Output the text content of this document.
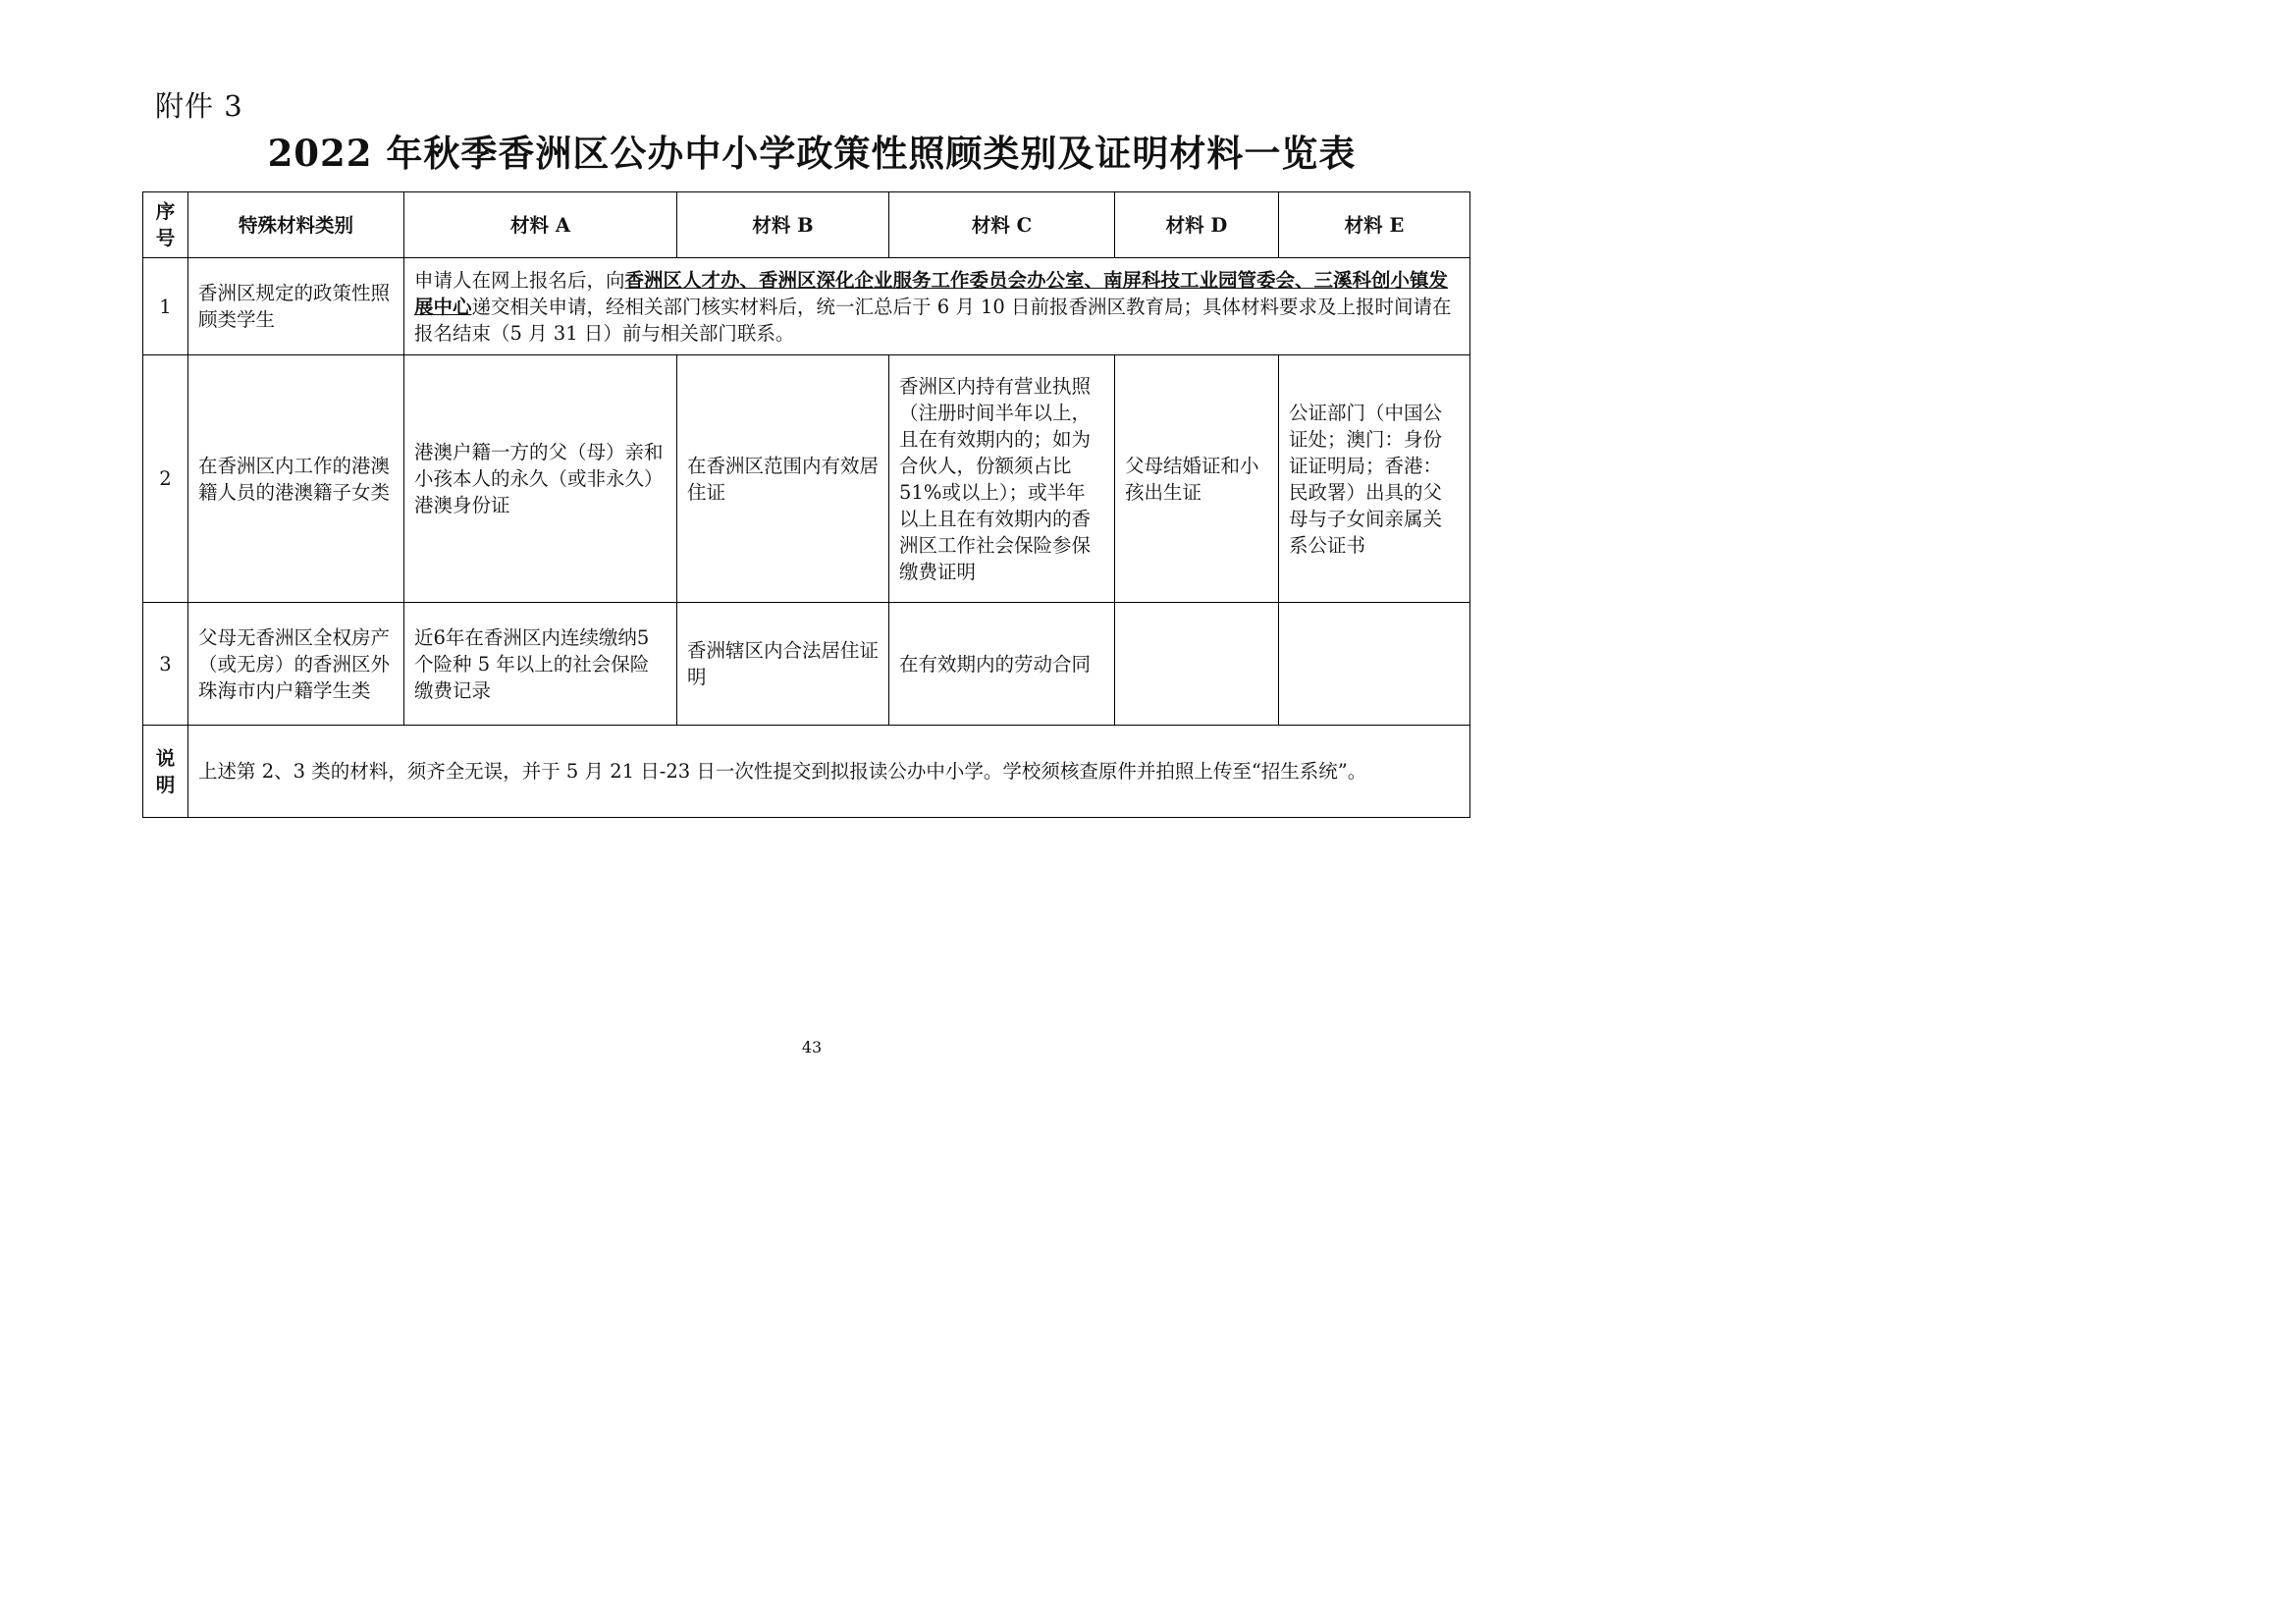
附件 3
2022 年秋季香洲区公办中小学政策性照顾类别及证明材料一览表
序号	特殊材料类别	材料 A	材料 B	材料 C	材料 D	材料 E
1	香洲区规定的政策性照顾类学生	申请人在网上报名后，向香洲区人才办、香洲区深化企业服务工作委员会办公室、南屏科技工业园管委会、三溪科创小镇发展中心递交相关申请，经相关部门核实材料后，统一汇总后于 6 月 10 日前报香洲区教育局；具体材料要求及上报时间请在报名结束（5 月 31 日）前与相关部门联系。				
2	在香洲区内工作的港澳籍人员的港澳籍子女类	港澳户籍一方的父（母）亲和小孩本人的永久（或非永久）港澳身份证	在香洲区范围内有效居住证	香洲区内持有营业执照（注册时间半年以上，且在有效期内的；如为合伙人，份额须占比51%或以上）；或半年以上且在有效期内的香洲区工作社会保险参保缴费证明	父母结婚证和小孩出生证	公证部门（中国公证处；澳门：身份证证明局；香港：民政署）出具的父母与子女间亲属关系公证书
3	父母无香洲区全权房产（或无房）的香洲区外珠海市内户籍学生类	近6年在香洲区内连续缴纳5个险种 5 年以上的社会保险缴费记录	香洲辖区内合法居住证明	在有效期内的劳动合同		
说明	上述第 2、3 类的材料，须齐全无误，并于 5 月 21 日-23 日一次性提交到拟报读公办中小学。学校须核查原件并拍照上传至“招生系统”。					
43
